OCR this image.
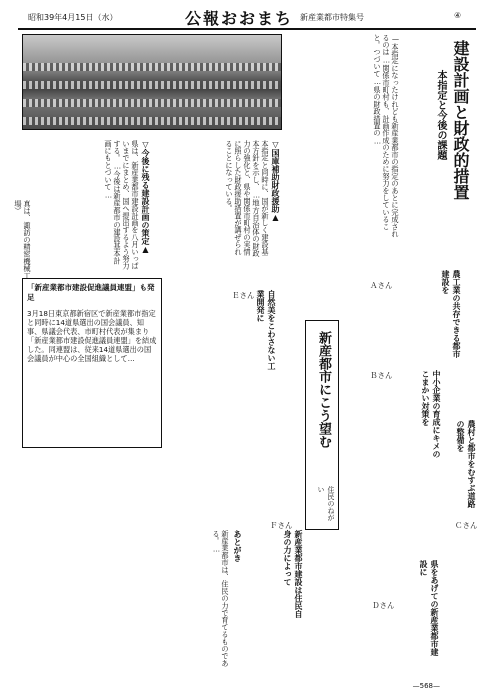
昭和39年4月15日（水）	公報おおまち 新産業都市特集号	④
建設計画と財政的措置
本指定と今後の課題
—本指定になったけれども新産業都市の指定のあとに完成されるのは…関係市町村も、計画作成のために努力をしていること。つづいて…県の財政措置の…
▽国庫補助財政援助▲
本指定と同時に、国が新しく建設基本方針を示し、…地方自治体の財政力の強化と、県や関係市町村の実情に照らした財政援助措置が講ぜられることになっている。
▽今後に残る建設計画の策定▲
県は、新産業都市建設計画を八月いっぱいまでにまとめ、国へ提出するよう努力する。…今後は新産都市の建設基本計画にもとづいて…
真は、諏訪の精密機械工場）
「新産業都市建設促進議員連盟」も発足
3月18日東京都新宿区で新産業都市指定と同時に14道県選出の国会議員、知事、県議会代表、市町村代表が集まり「新産業都市建設促進議員連盟」を結成した。同連盟は、従来14道県選出の国会議員が中心の全国組織として…	新産都市にこう望む
住民のねがい
農工業の共存できる都市建設を
中小企業の育成にキメのこまかい対策を
農村と都市をむすぶ道路の整備を
県をあげての新産業都市建設に
自然美をこわさない工業開発に
新産業都市建設は住民自身の力によって
Ａさん
Ｂさん
Ｃさん
Ｄさん
Ｅさん
Ｆさん
あとがき
新産業都市は、住民の力で育てるものである。…
—568—
